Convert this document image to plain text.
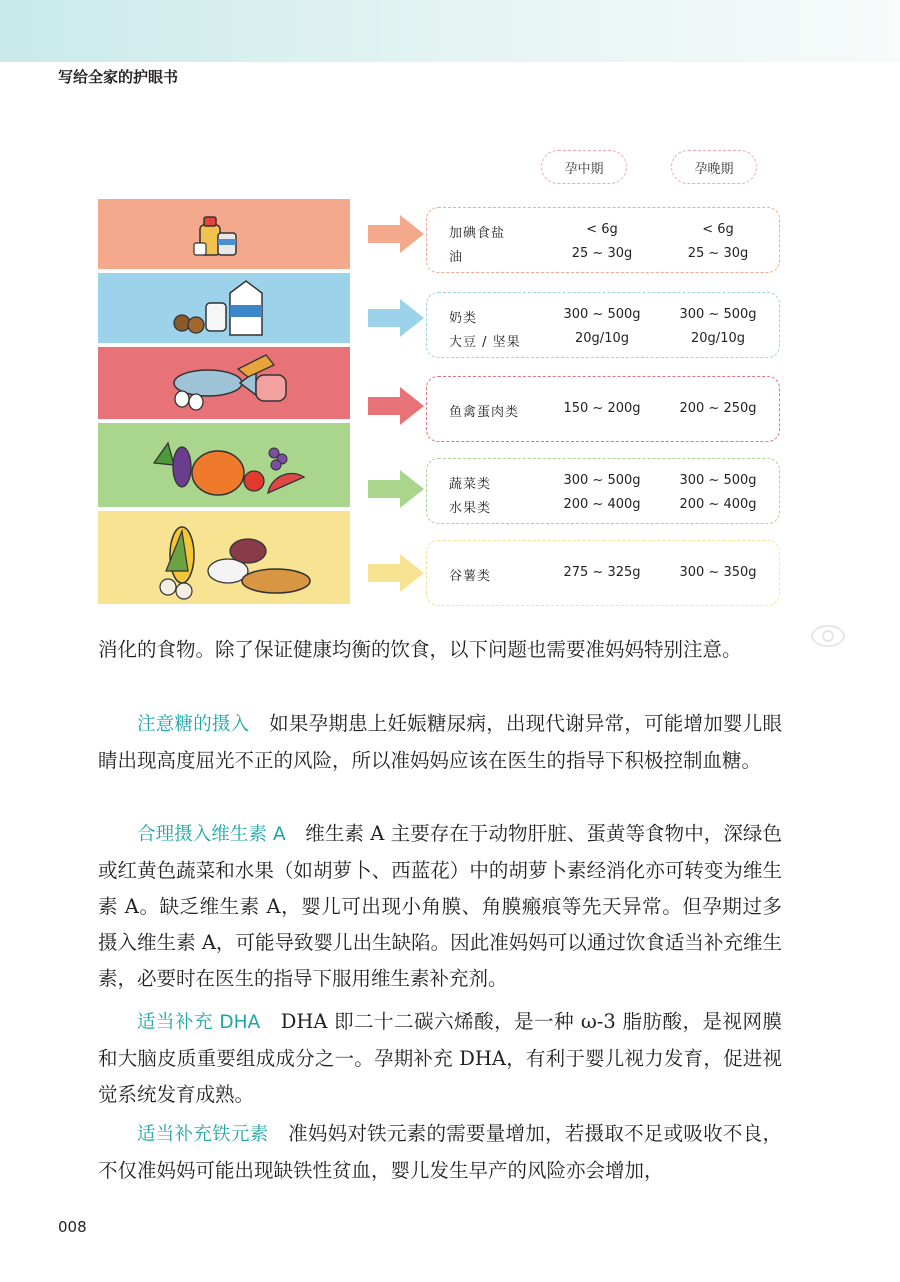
写给全家的护眼书
孕中期	孕晚期
加碘食盐	< 6g	< 6g
油	25 ~ 30g	25 ~ 30g
奶类	300 ~ 500g	300 ~ 500g
大豆 / 坚果	20g/10g	20g/10g
鱼禽蛋肉类	150 ~ 200g	200 ~ 250g
蔬菜类	300 ~ 500g	300 ~ 500g
水果类	200 ~ 400g	200 ~ 400g
谷薯类	275 ~ 325g	300 ~ 350g

消化的食物。除了保证健康均衡的饮食，以下问题也需要准妈妈特别注意。

注意糖的摄入　 如果孕期患上妊娠糖尿病，出现代谢异常，可能增加婴儿眼睛出现高度屈光不正的风险，所以准妈妈应该在医生的指导下积极控制血糖。

合理摄入维生素 A　 维生素 A 主要存在于动物肝脏、蛋黄等食物中，深绿色或红黄色蔬菜和水果（如胡萝卜、西蓝花）中的胡萝卜素经消化亦可转变为维生素 A。缺乏维生素 A，婴儿可出现小角膜、角膜瘢痕等先天异常。但孕期过多摄入维生素 A，可能导致婴儿出生缺陷。因此准妈妈可以通过饮食适当补充维生素，必要时在医生的指导下服用维生素补充剂。

适当补充 DHA　 DHA 即二十二碳六烯酸，是一种 ω-3 脂肪酸，是视网膜和大脑皮质重要组成成分之一。孕期补充 DHA，有利于婴儿视力发育，促进视觉系统发育成熟。

适当补充铁元素　 准妈妈对铁元素的需要量增加，若摄取不足或吸收不良，不仅准妈妈可能出现缺铁性贫血，婴儿发生早产的风险亦会增加，

008
